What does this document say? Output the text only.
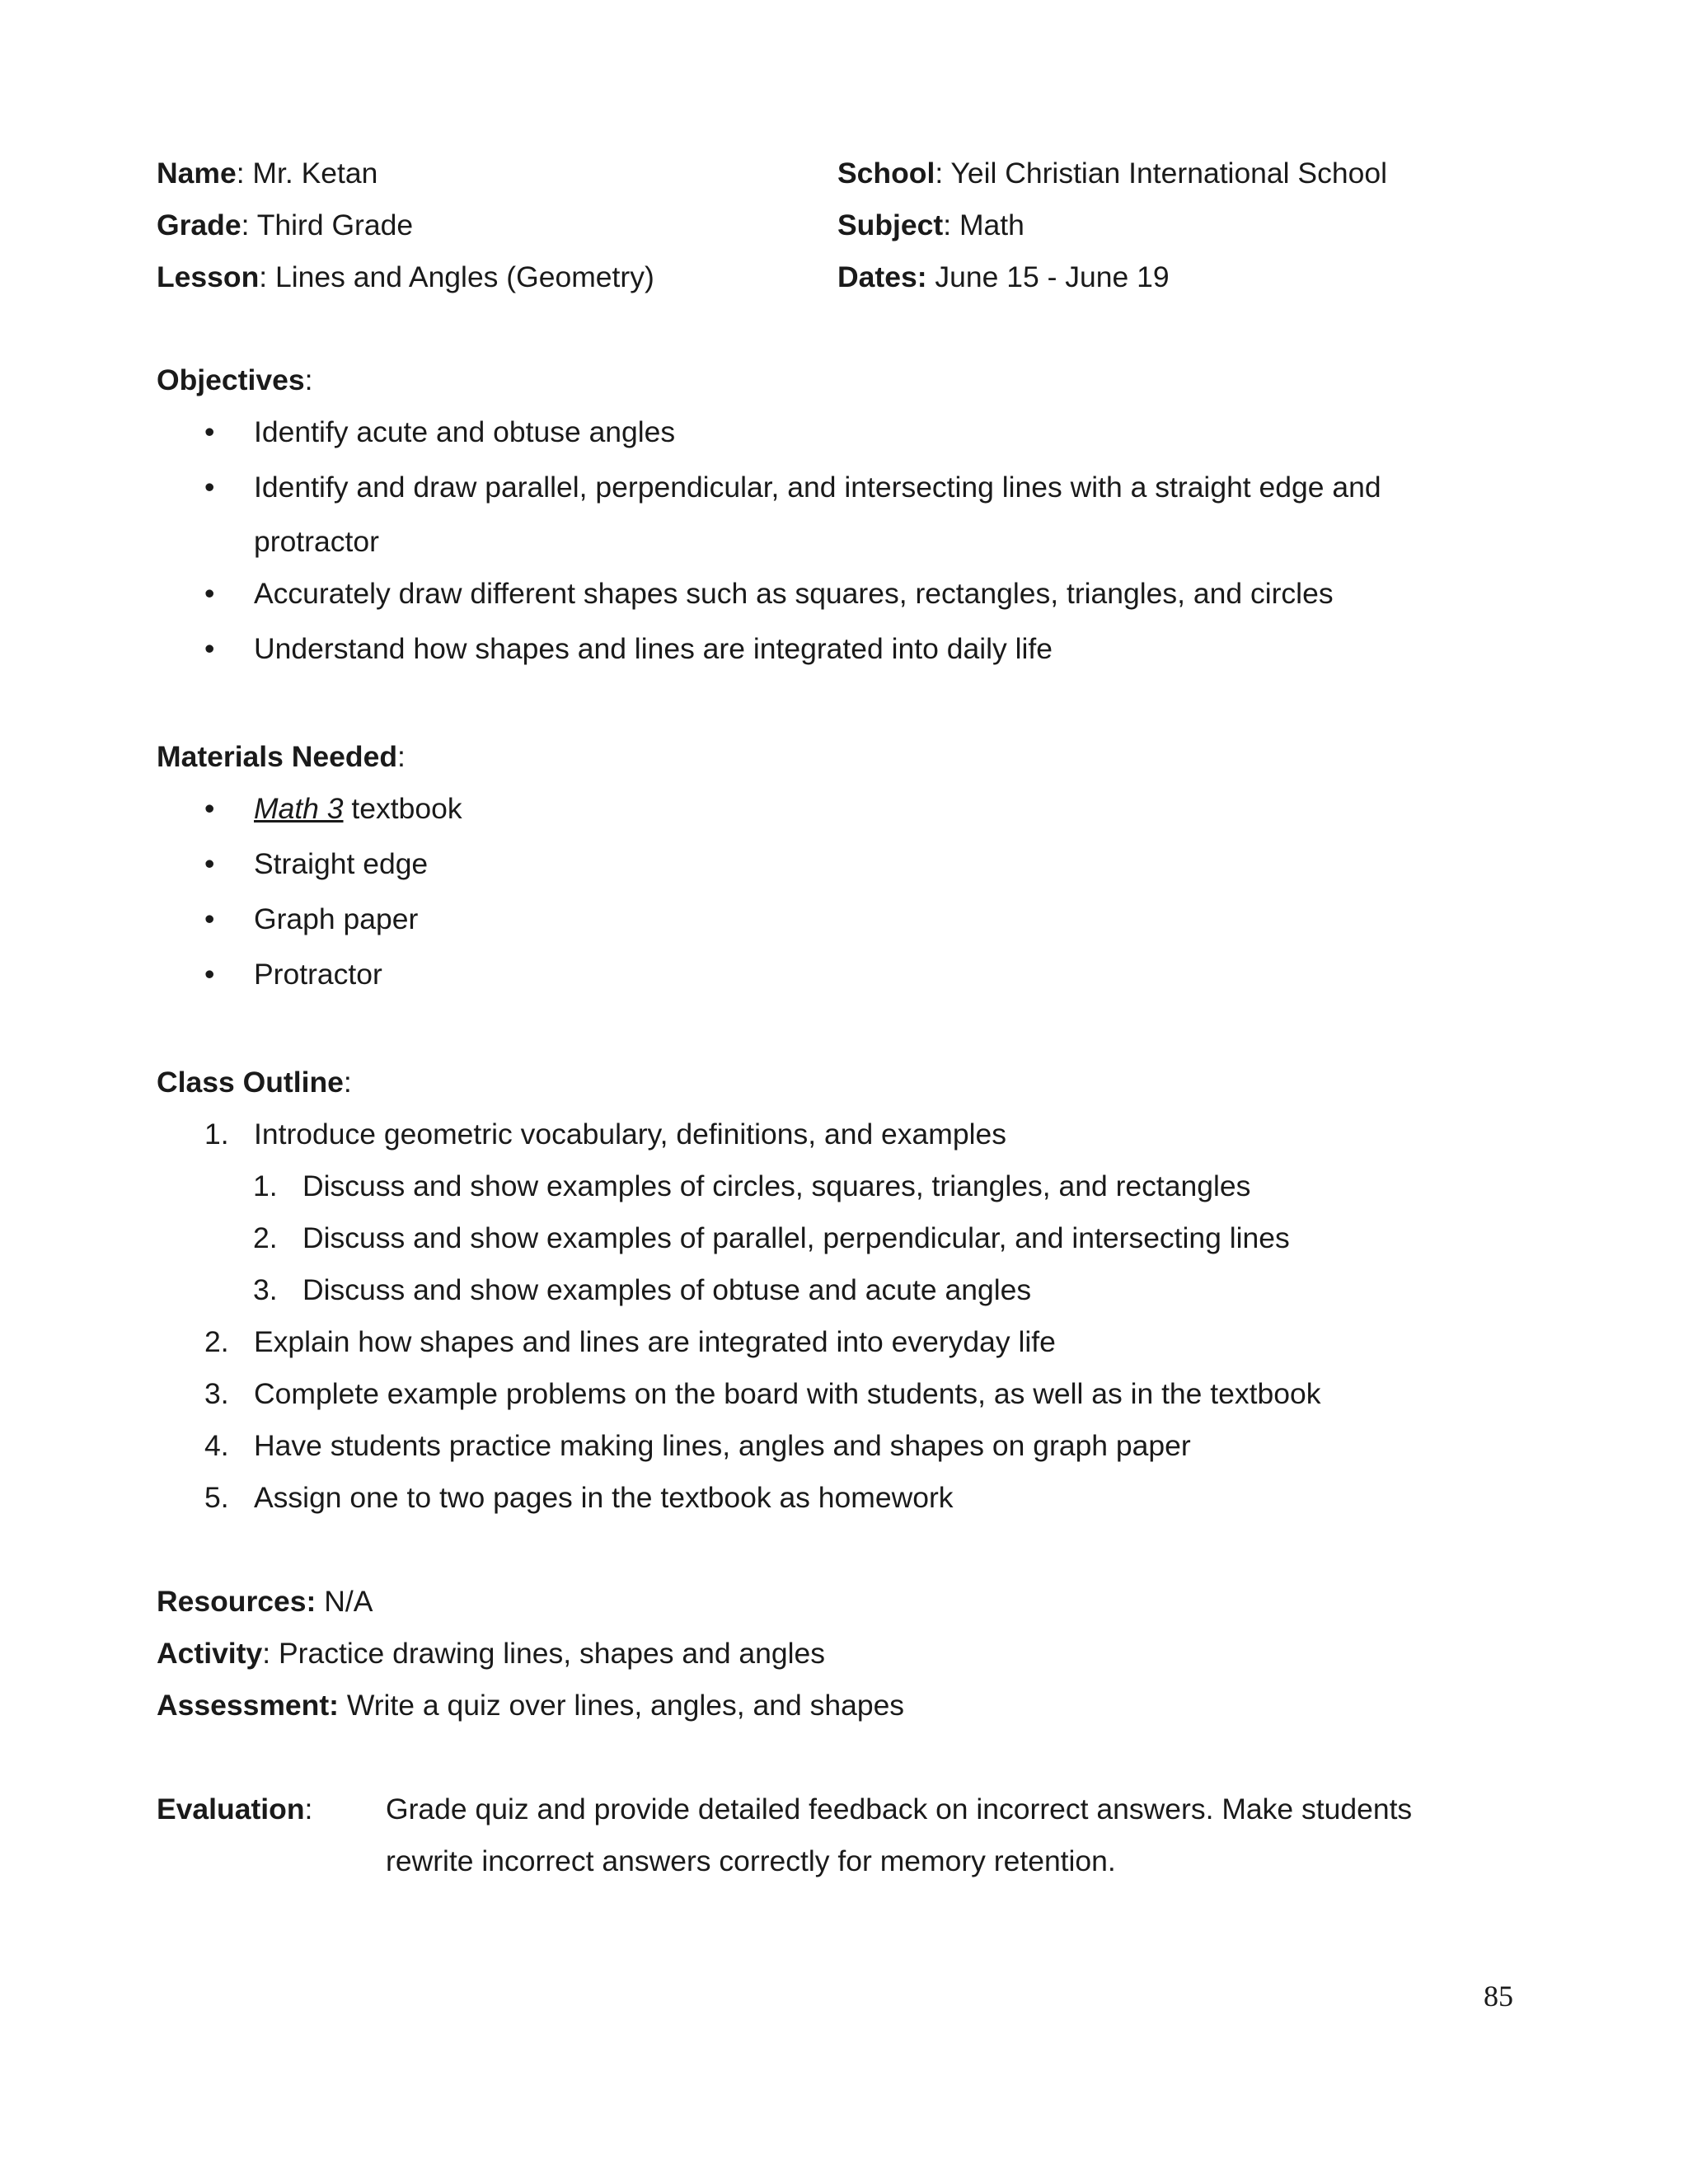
Name: Mr. Ketan	School: Yeil Christian International School
Grade: Third Grade	Subject: Math
Lesson: Lines and Angles (Geometry)	Dates: June 15 - June 19
Objectives:
• Identify acute and obtuse angles
• Identify and draw parallel, perpendicular, and intersecting lines with a straight edge and
protractor
• Accurately draw different shapes such as squares, rectangles, triangles, and circles
• Understand how shapes and lines are integrated into daily life
Materials Needed:
• Math 3 textbook
• Straight edge
• Graph paper
• Protractor
Class Outline:
1. Introduce geometric vocabulary, definitions, and examples
1. Discuss and show examples of circles, squares, triangles, and rectangles
2. Discuss and show examples of parallel, perpendicular, and intersecting lines
3. Discuss and show examples of obtuse and acute angles
2. Explain how shapes and lines are integrated into everyday life
3. Complete example problems on the board with students, as well as in the textbook
4. Have students practice making lines, angles and shapes on graph paper
5. Assign one to two pages in the textbook as homework
Resources: N/A
Activity: Practice drawing lines, shapes and angles
Assessment: Write a quiz over lines, angles, and shapes
Evaluation: Grade quiz and provide detailed feedback on incorrect answers. Make students
rewrite incorrect answers correctly for memory retention.
85
